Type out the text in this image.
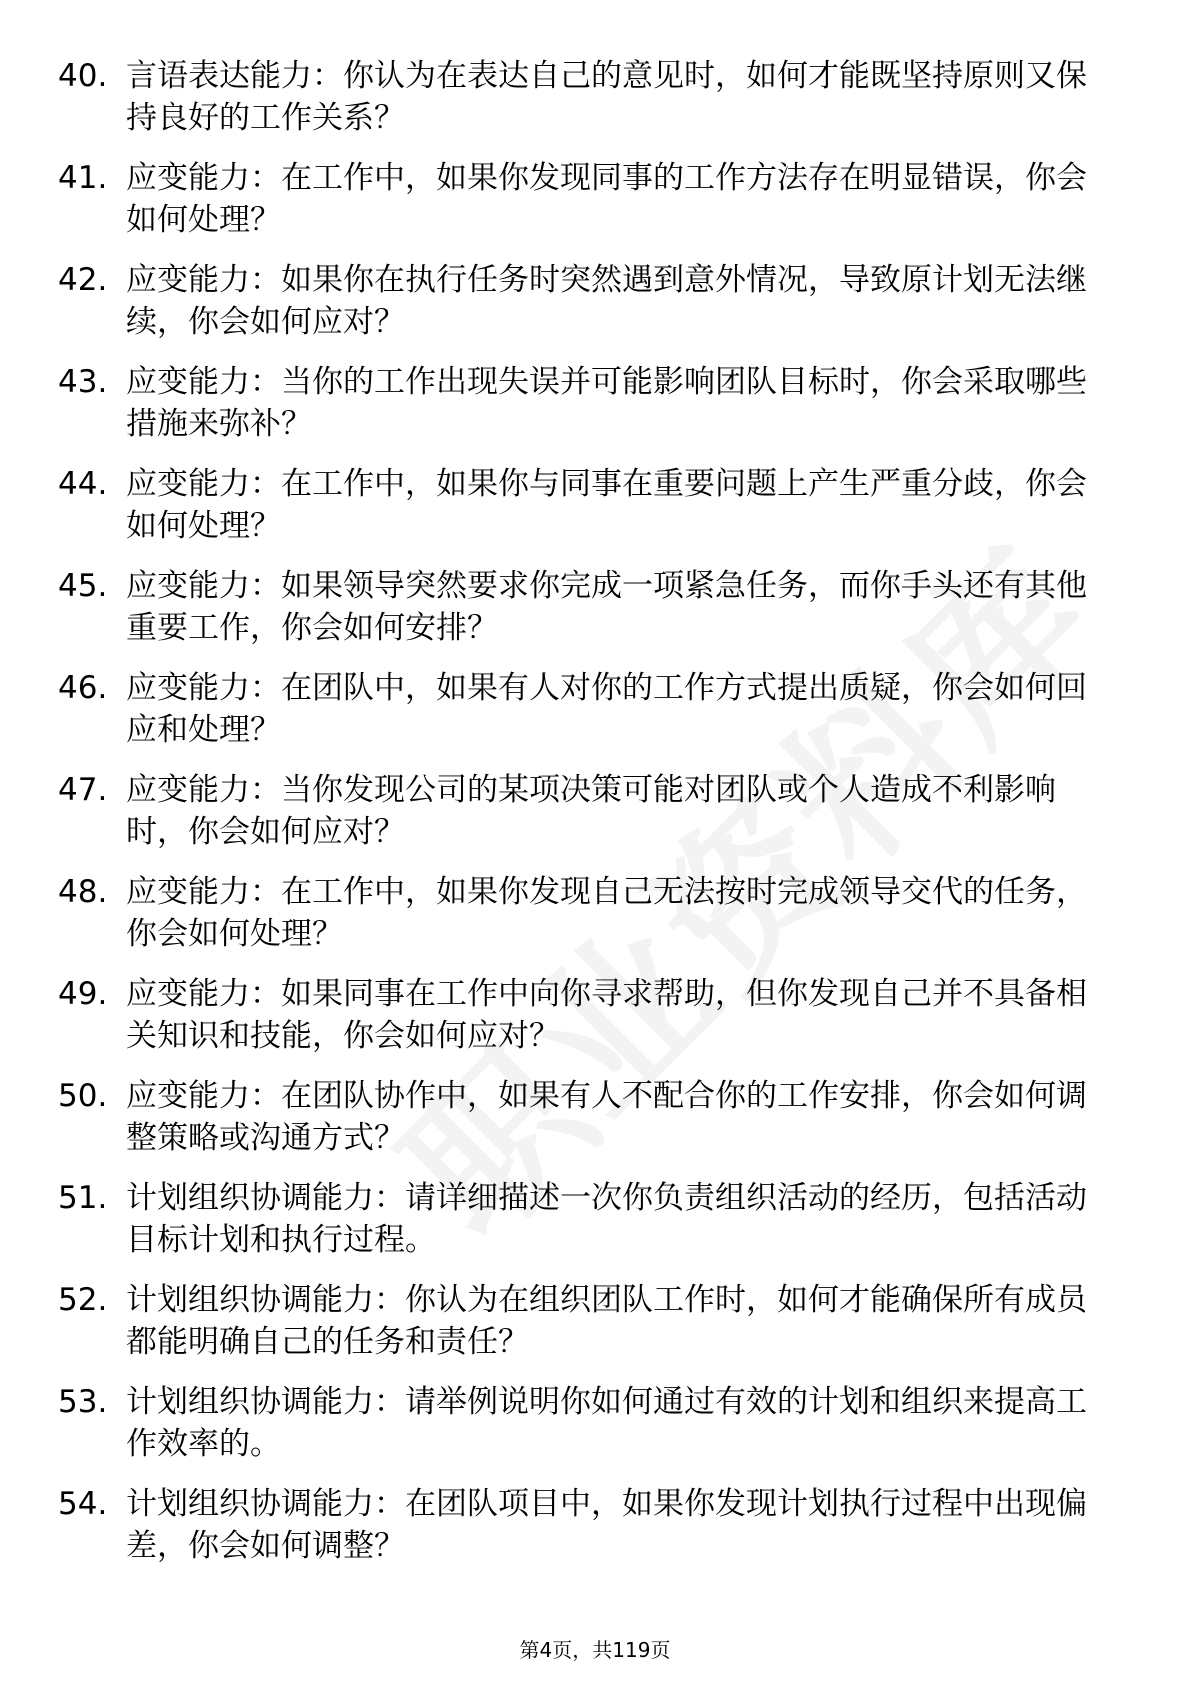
40. 言语表达能力：你认为在表达自己的意见时，如何才能既坚持原则又保持良好的工作关系？
41. 应变能力：在工作中，如果你发现同事的工作方法存在明显错误，你会如何处理？
42. 应变能力：如果你在执行任务时突然遇到意外情况，导致原计划无法继续，你会如何应对？
43. 应变能力：当你的工作出现失误并可能影响团队目标时，你会采取哪些措施来弥补？
44. 应变能力：在工作中，如果你与同事在重要问题上产生严重分歧，你会如何处理？
45. 应变能力：如果领导突然要求你完成一项紧急任务，而你手头还有其他重要工作，你会如何安排？
46. 应变能力：在团队中，如果有人对你的工作方式提出质疑，你会如何回应和处理？
47. 应变能力：当你发现公司的某项决策可能对团队或个人造成不利影响时，你会如何应对？
48. 应变能力：在工作中，如果你发现自己无法按时完成领导交代的任务，你会如何处理？
49. 应变能力：如果同事在工作中向你寻求帮助，但你发现自己并不具备相关知识和技能，你会如何应对？
50. 应变能力：在团队协作中，如果有人不配合你的工作安排，你会如何调整策略或沟通方式？
51. 计划组织协调能力：请详细描述一次你负责组织活动的经历，包括活动目标计划和执行过程。
52. 计划组织协调能力：你认为在组织团队工作时，如何才能确保所有成员都能明确自己的任务和责任？
53. 计划组织协调能力：请举例说明你如何通过有效的计划和组织来提高工作效率的。
54. 计划组织协调能力：在团队项目中，如果你发现计划执行过程中出现偏差，你会如何调整？
第4页，共119页
